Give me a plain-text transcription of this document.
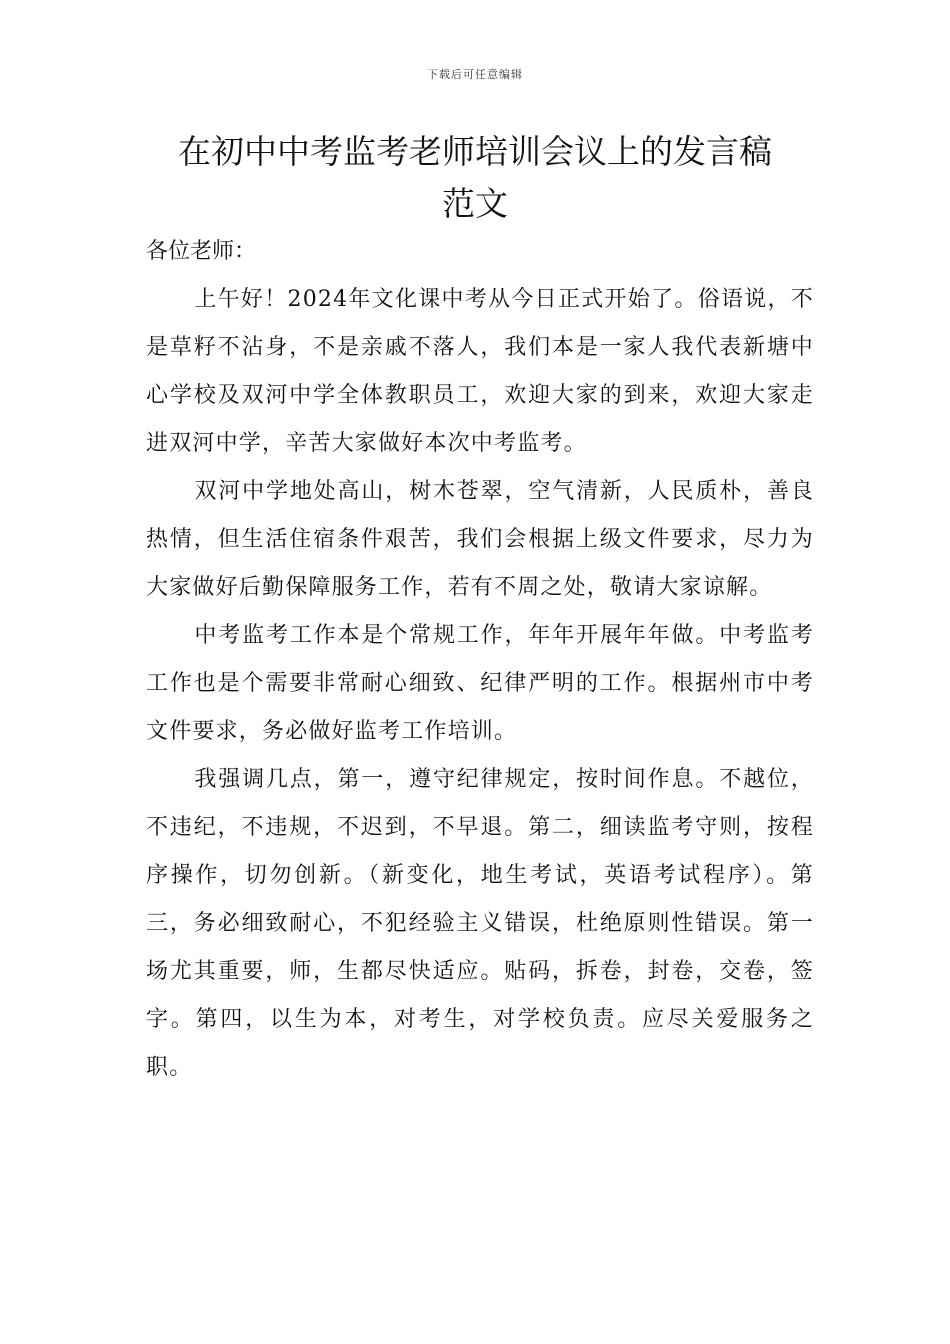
下载后可任意编辑
在初中中考监考老师培训会议上的发言稿
范文

各位老师：

上午好！2024年文化课中考从今日正式开始了。俗语说，不是草籽不沾身，不是亲戚不落人，我们本是一家人我代表新塘中心学校及双河中学全体教职员工，欢迎大家的到来，欢迎大家走进双河中学，辛苦大家做好本次中考监考。

双河中学地处高山，树木苍翠，空气清新，人民质朴，善良热情，但生活住宿条件艰苦，我们会根据上级文件要求，尽力为大家做好后勤保障服务工作，若有不周之处，敬请大家谅解。

中考监考工作本是个常规工作，年年开展年年做。中考监考工作也是个需要非常耐心细致、纪律严明的工作。根据州市中考文件要求，务必做好监考工作培训。

我强调几点，第一，遵守纪律规定，按时间作息。不越位，不违纪，不违规，不迟到，不早退。第二，细读监考守则，按程序操作，切勿创新。（新变化，地生考试，英语考试程序）。第三，务必细致耐心，不犯经验主义错误，杜绝原则性错误。第一场尤其重要，师，生都尽快适应。贴码，拆卷，封卷，交卷，签字。第四，以生为本，对考生，对学校负责。应尽关爱服务之职。
